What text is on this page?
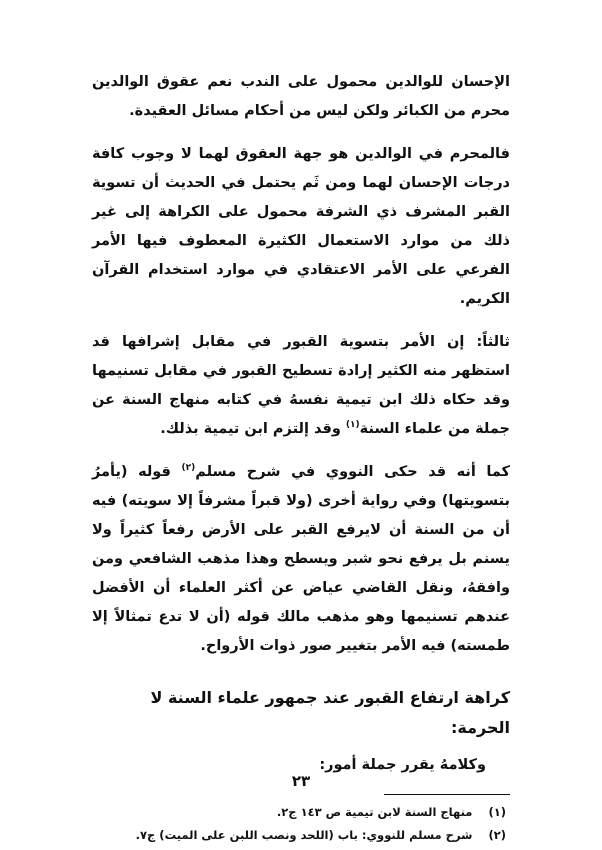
الإحسان للوالدين محمول على الندب نعم عقوق الوالدين محرم من الكبائر ولكن ليس من أحكام مسائل العقيدة.

فالمحرم في الوالدين هو جهة العقوق لهما لا وجوب كافة درجات الإحسان لهما ومن ثَم يحتمل في الحديث أن تسوية القبر المشرف ذي الشرفة محمول على الكراهة إلى غير ذلك من موارد الاستعمال الكثيرة المعطوف فيها الأمر الفرعي على الأمر الاعتقادي في موارد استخدام القرآن الكريم.

ثالثاً: إن الأمر بتسوية القبور في مقابل إشرافها قد استظهر منه الكثير إرادة تسطيح القبور في مقابل تسنيمها وقد حكاه ذلك ابن تيمية نفسهُ في كتابه منهاج السنة عن جملة من علماء السنة$^{(١)}$ وقد إلتزم ابن تيمية بذلك.

كما أنه قد حكى النووي في شرح مسلم$^{(٢)}$ قوله (يأمرُ بتسويتها) وفي رواية أخرى (ولا قبراً مشرفاً إلا سويته) فيه أن من السنة أن لايرفع القبر على الأرض رفعاً كثيراً ولا يسنم بل يرفع نحو شبر ويسطح وهذا مذهب الشافعي ومن وافقهُ، ونقل القاضي عياض عن أكثر العلماء أن الأفضل عندهم تسنيمها وهو مذهب مالك قوله (أن لا تدع تمثالاً إلا طمسته) فيه الأمر بتغيير صور ذوات الأرواح.

كراهة ارتفاع القبور عند جمهور علماء السنة لا الحرمة:

وكلامهُ يقرر جملة أمور:

(١) منهاج السنة لابن تيمية ص ١٤٣ ج٢.
(٢) شرح مسلم للنووي: باب (اللحد ونصب اللبن على الميت) ج٧.
٢٣
